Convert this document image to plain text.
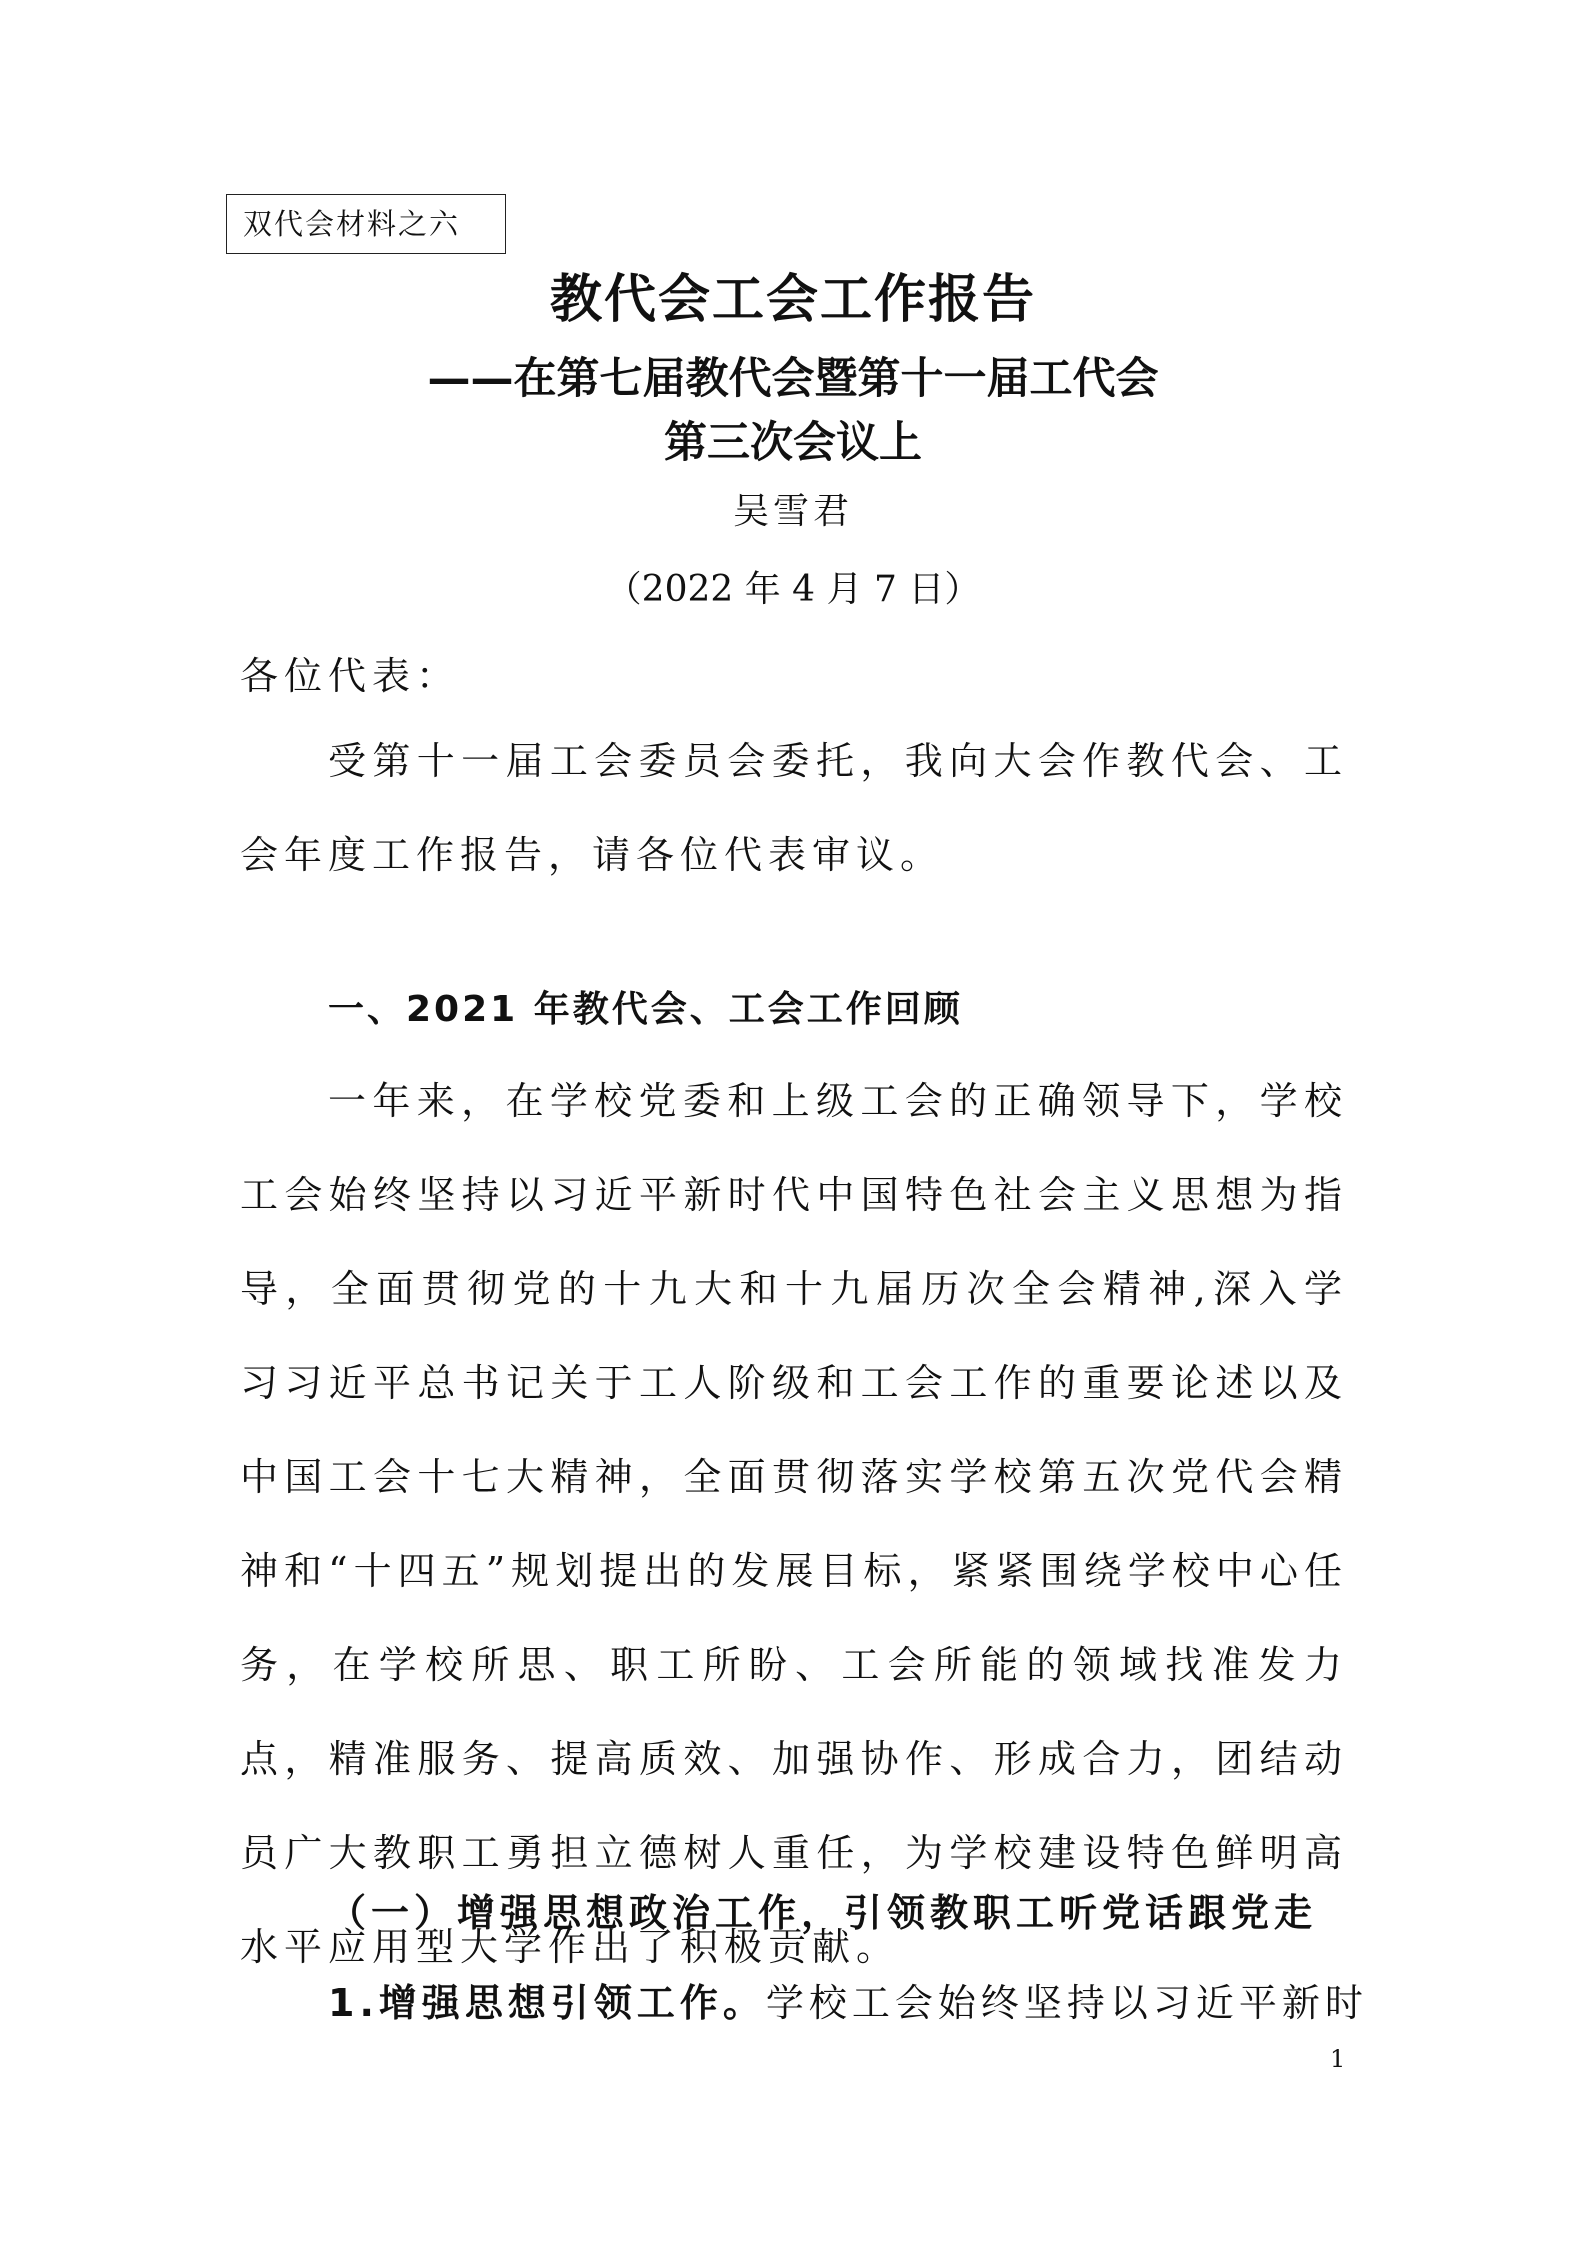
双代会材料之六
教代会工会工作报告
——在第七届教代会暨第十一届工代会
第三次会议上
吴雪君
（2022 年 4 月 7 日）
各位代表：
受第十一届工会委员会委托，我向大会作教代会、工会年度工作报告，请各位代表审议。
一、2021 年教代会、工会工作回顾
一年来，在学校党委和上级工会的正确领导下，学校工会始终坚持以习近平新时代中国特色社会主义思想为指导，全面贯彻党的十九大和十九届历次全会精神,深入学习习近平总书记关于工人阶级和工会工作的重要论述以及中国工会十七大精神，全面贯彻落实学校第五次党代会精神和“十四五”规划提出的发展目标，紧紧围绕学校中心任务，在学校所思、职工所盼、工会所能的领域找准发力点，精准服务、提高质效、加强协作、形成合力，团结动员广大教职工勇担立德树人重任，为学校建设特色鲜明高水平应用型大学作出了积极贡献。
（一）增强思想政治工作，引领教职工听党话跟党走
1.增强思想引领工作。学校工会始终坚持以习近平新时
1
